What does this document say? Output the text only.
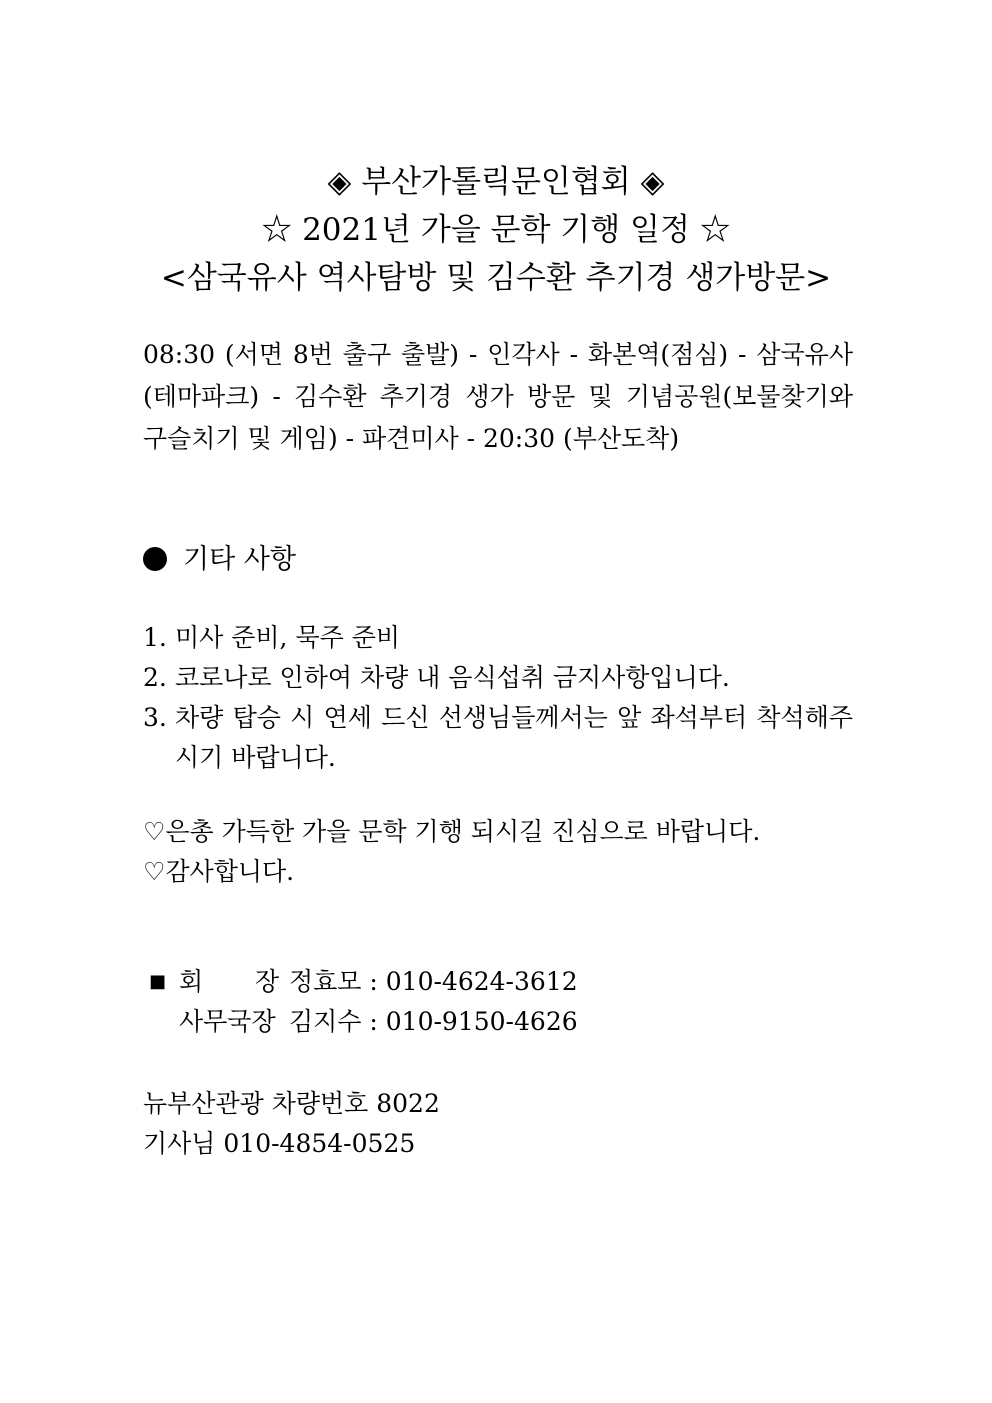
◈ 부산가톨릭문인협회 ◈
☆ 2021년 가을 문학 기행 일정 ☆
<삼국유사 역사탐방 및 김수환 추기경 생가방문>
08:30 (서면 8번 출구 출발) - 인각사 - 화본역(점심) - 삼국유사 (테마파크) - 김수환 추기경 생가 방문 및 기념공원(보물찾기와 구슬치기 및 게임) - 파견미사 - 20:30 (부산도착)
기타 사항
1. 미사 준비, 묵주 준비
2. 코로나로 인하여 차량 내 음식섭취 금지사항입니다.
3. 차량 탑승 시 연세 드신 선생님들께서는 앞 좌석부터 착석해주시기 바랍니다.
♡은총 가득한 가을 문학 기행 되시길 진심으로 바랍니다.
♡감사합니다.
■ 회 장 정효모 : 010-4624-3612
사무국장 김지수 : 010-9150-4626
뉴부산관광 차량번호 8022
기사님 010-4854-0525
